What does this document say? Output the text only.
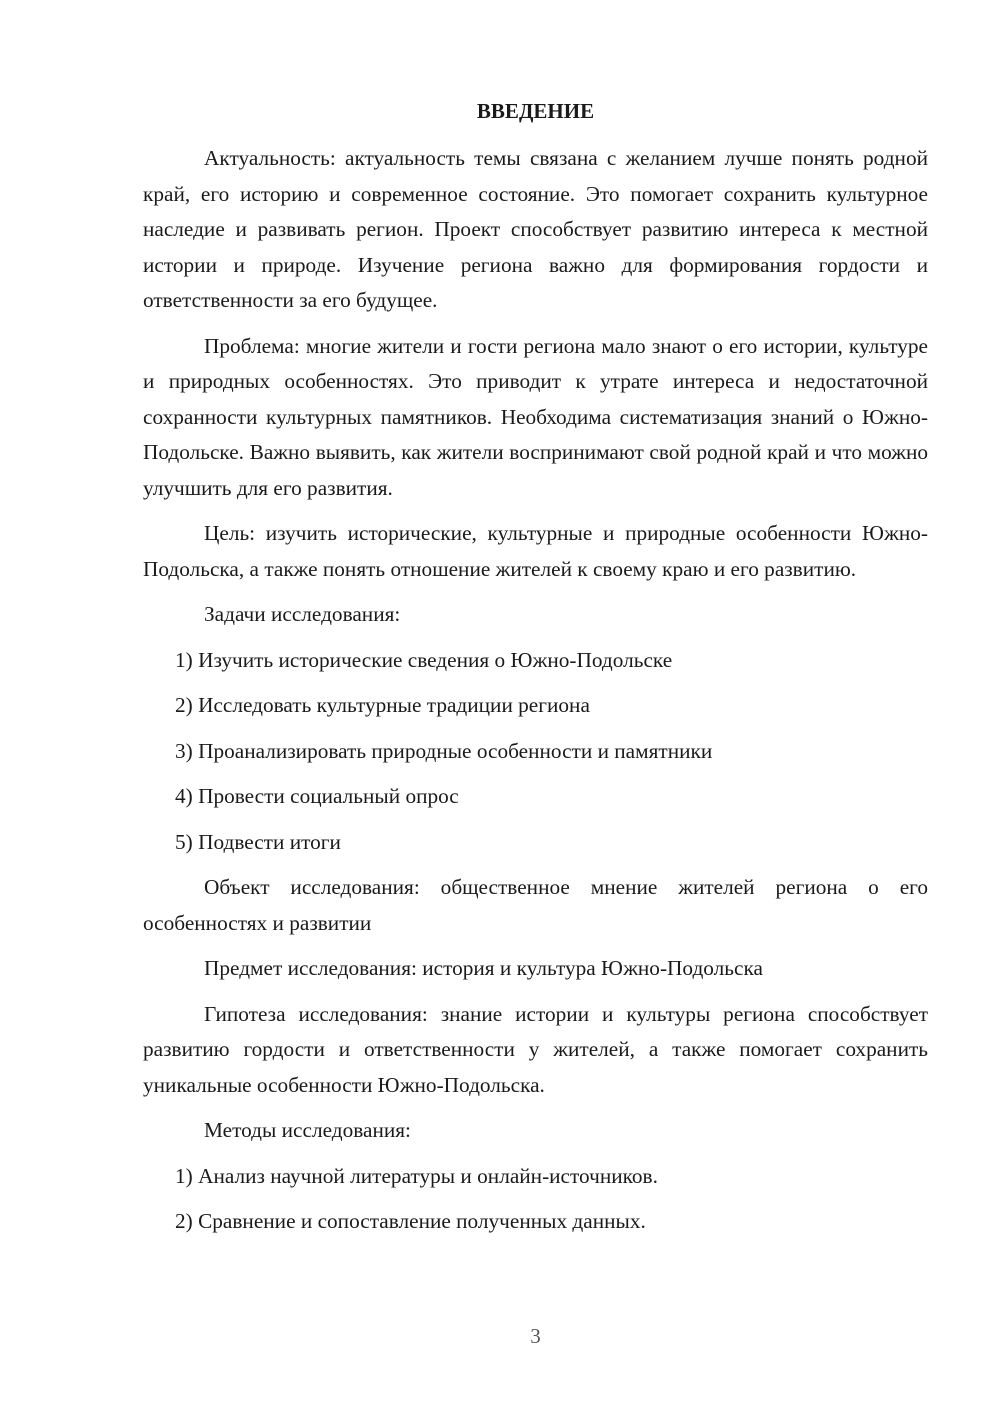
ВВЕДЕНИЕ

Актуальность: актуальность темы связана с желанием лучше понять родной край, его историю и современное состояние. Это помогает сохранить культурное наследие и развивать регион. Проект способствует развитию интереса к местной истории и природе. Изучение региона важно для формирования гордости и ответственности за его будущее.

Проблема: многие жители и гости региона мало знают о его истории, культуре и природных особенностях. Это приводит к утрате интереса и недостаточной сохранности культурных памятников. Необходима систематизация знаний о Южно-Подольске. Важно выявить, как жители воспринимают свой родной край и что можно улучшить для его развития.

Цель: изучить исторические, культурные и природные особенности Южно-Подольска, а также понять отношение жителей к своему краю и его развитию.

Задачи исследования:

1) Изучить исторические сведения о Южно-Подольске

2) Исследовать культурные традиции региона

3) Проанализировать природные особенности и памятники

4) Провести социальный опрос

5) Подвести итоги

Объект исследования: общественное мнение жителей региона о его особенностях и развитии

Предмет исследования: история и культура Южно-Подольска

Гипотеза исследования: знание истории и культуры региона способствует развитию гордости и ответственности у жителей, а также помогает сохранить уникальные особенности Южно-Подольска.

Методы исследования:

1) Анализ научной литературы и онлайн-источников.

2) Сравнение и сопоставление полученных данных.

3
